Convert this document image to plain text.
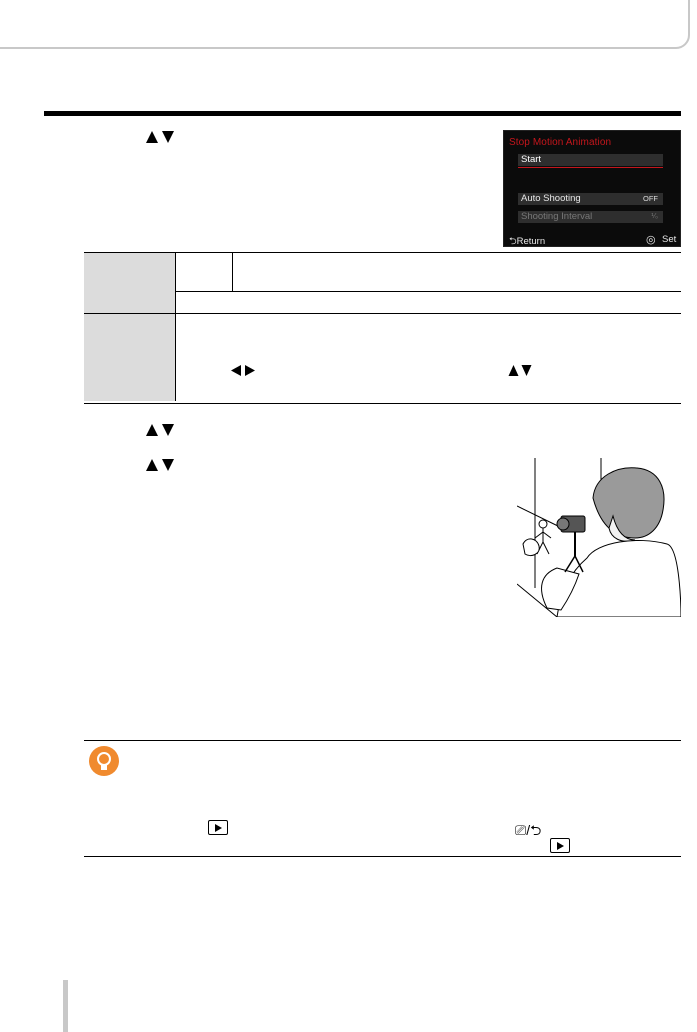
Stop Motion Animation
Start
Auto Shooting	OFF
Shooting Interval	⅟₀
⮌Return	◎ Set
⎚/⮌
